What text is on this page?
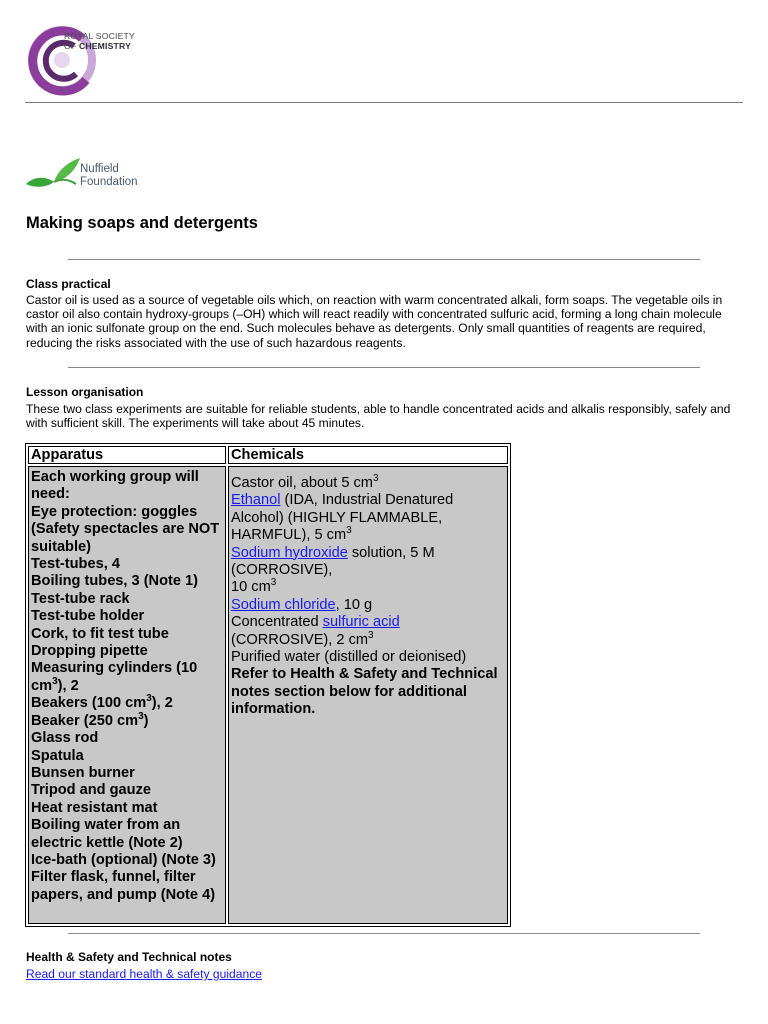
ROYAL SOCIETY
OF CHEMISTRY
Nuffield
Foundation
Making soaps and detergents
Class practical

Castor oil is used as a source of vegetable oils which, on reaction with warm concentrated alkali, form soaps. The vegetable oils in castor oil also contain hydroxy-groups (–OH) which will react readily with concentrated sulfuric acid, forming a long chain molecule with an ionic sulfonate group on the end. Such molecules behave as detergents. Only small quantities of reagents are required, reducing the risks associated with the use of such hazardous reagents.

Lesson organisation

These two class experiments are suitable for reliable students, able to handle concentrated acids and alkalis responsibly, safely and with sufficient skill. The experiments will take about 45 minutes.

Apparatus	Chemicals
Each working group will need:
Eye protection: goggles (Safety spectacles are NOT suitable)
Test-tubes, 4
Boiling tubes, 3 (Note 1)
Test-tube rack
Test-tube holder
Cork, to fit test tube
Dropping pipette
Measuring cylinders (10 $cm^3$), 2
Beakers (100 $cm^3$), 2
Beaker (250 $cm^3$)
Glass rod
Spatula
Bunsen burner
Tripod and gauze
Heat resistant mat
Boiling water from an electric kettle (Note 2)
Ice-bath (optional) (Note 3)
Filter flask, funnel, filter papers, and pump (Note 4)
Castor oil, about 5 $cm^3$
Ethanol (IDA, Industrial Denatured Alcohol) (HIGHLY FLAMMABLE, HARMFUL), 5 $cm^3$
Sodium hydroxide solution, 5 M (CORROSIVE),
10 $cm^3$
Sodium chloride, 10 g
Concentrated sulfuric acid
(CORROSIVE), 2 $cm^3$
Purified water (distilled or deionised)
Refer to Health & Safety and Technical notes section below for additional information.
Health & Safety and Technical notes
Read our standard health & safety guidance
